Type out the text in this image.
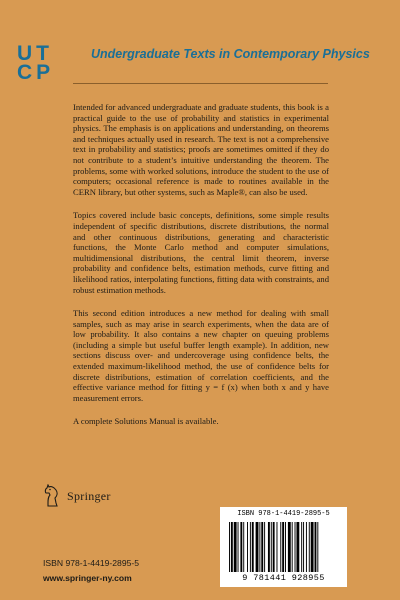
UT
CP
Undergraduate Texts in Contemporary Physics

Intended for advanced undergraduate and graduate students, this book is a practical guide to the use of probability and statistics in experimental physics. The emphasis is on applications and understanding, on theorems and techniques actually used in research. The text is not a comprehensive text in probability and statistics; proofs are sometimes omitted if they do not contribute to a student’s intuitive understanding the theorem. The problems, some with worked solutions, introduce the student to the use of computers; occasional reference is made to routines available in the CERN library, but other systems, such as Maple®, can also be used.

Topics covered include basic concepts, definitions, some simple results independent of specific distributions, discrete distributions, the normal and other continuous distributions, generating and characteristic functions, the Monte Carlo method and computer simulations, multidimensional distributions, the central limit theorem, inverse probability and confidence belts, estimation methods, curve fitting and likelihood ratios, interpolating functions, fitting data with constraints, and robust estimation methods.

This second edition introduces a new method for dealing with small samples, such as may arise in search experiments, when the data are of low probability. It also contains a new chapter on queuing problems (including a simple but useful buffer length example). In addition, new sections discuss over- and undercoverage using confidence belts, the extended maximum-likelihood method, the use of confidence belts for discrete distributions, estimation of correlation coefficients, and the effective variance method for fitting y = f (x) when both x and y have measurement errors.

A complete Solutions Manual is available.

Springer
ISBN 978-1-4419-2895-5
www.springer-ny.com
ISBN 978-1-4419-2895-5
9 781441 928955
